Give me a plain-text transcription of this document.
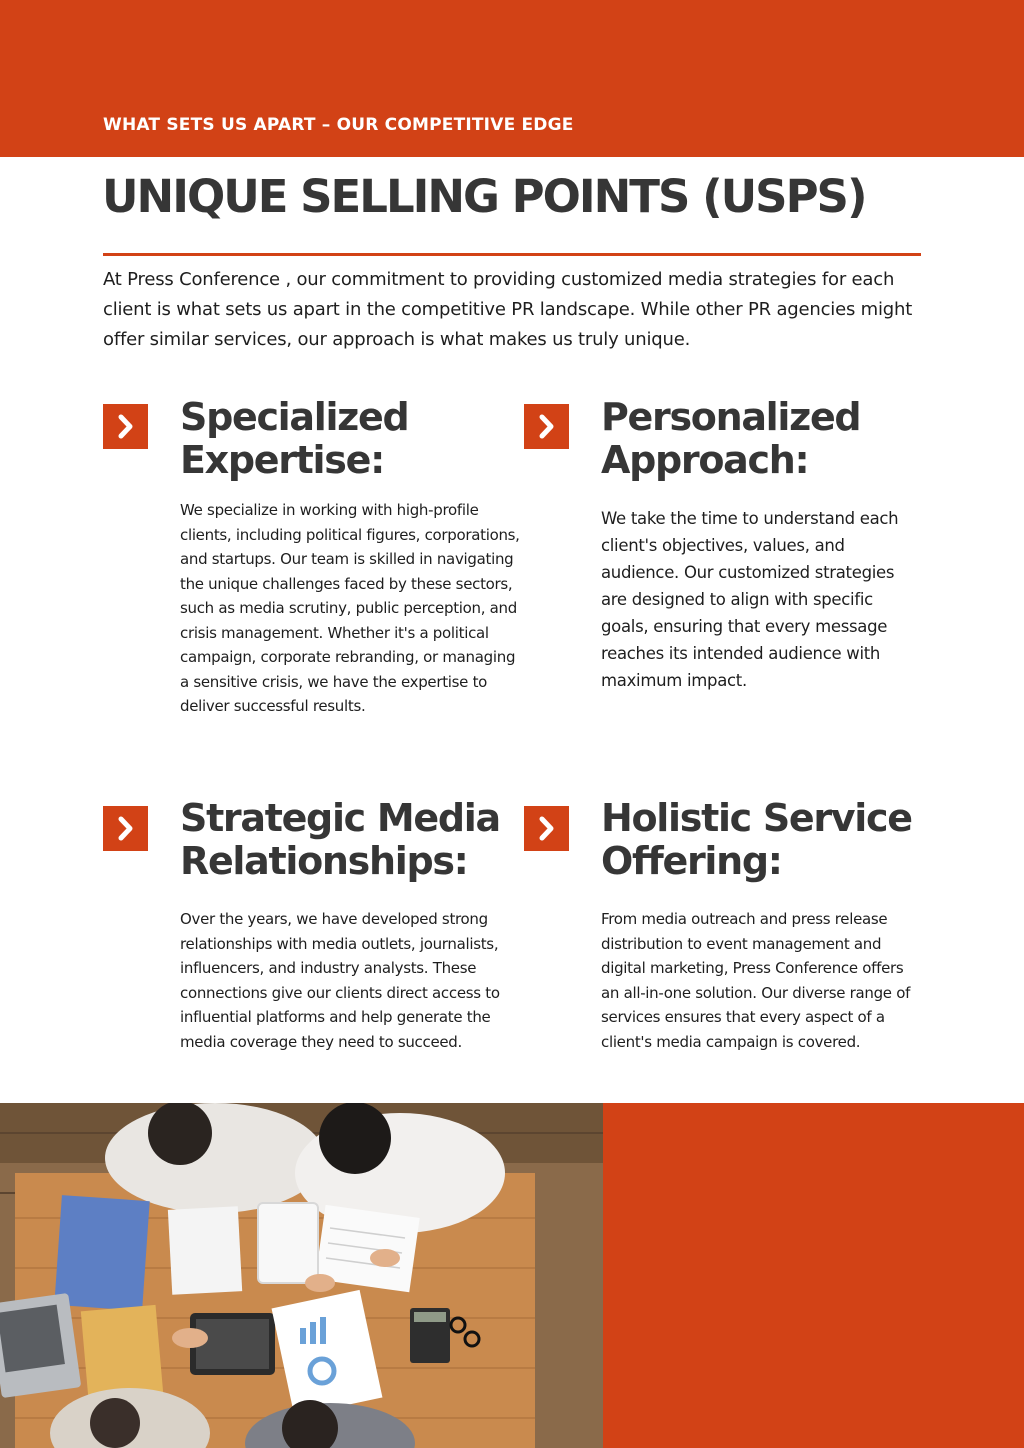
WHAT SETS US APART – OUR COMPETITIVE EDGE
UNIQUE SELLING POINTS (USPS)

At Press Conference , our commitment to providing customized media strategies for each client is what sets us apart in the competitive PR landscape. While other PR agencies might offer similar services, our approach is what makes us truly unique.

Specialized
Expertise:

We specialize in working with high-profile clients, including political figures, corporations, and startups. Our team is skilled in navigating the unique challenges faced by these sectors, such as media scrutiny, public perception, and crisis management. Whether it's a political campaign, corporate rebranding, or managing a sensitive crisis, we have the expertise to deliver successful results.

Personalized
Approach:

We take the time to understand each client's objectives, values, and audience. Our customized strategies are designed to align with specific goals, ensuring that every message reaches its intended audience with maximum impact.

Strategic Media
Relationships:

Over the years, we have developed strong relationships with media outlets, journalists, influencers, and industry analysts. These connections give our clients direct access to influential platforms and help generate the media coverage they need to succeed.

Holistic Service
Offering:

From media outreach and press release distribution to event management and digital marketing, Press Conference offers an all-in-one solution. Our diverse range of services ensures that every aspect of a client's media campaign is covered.
